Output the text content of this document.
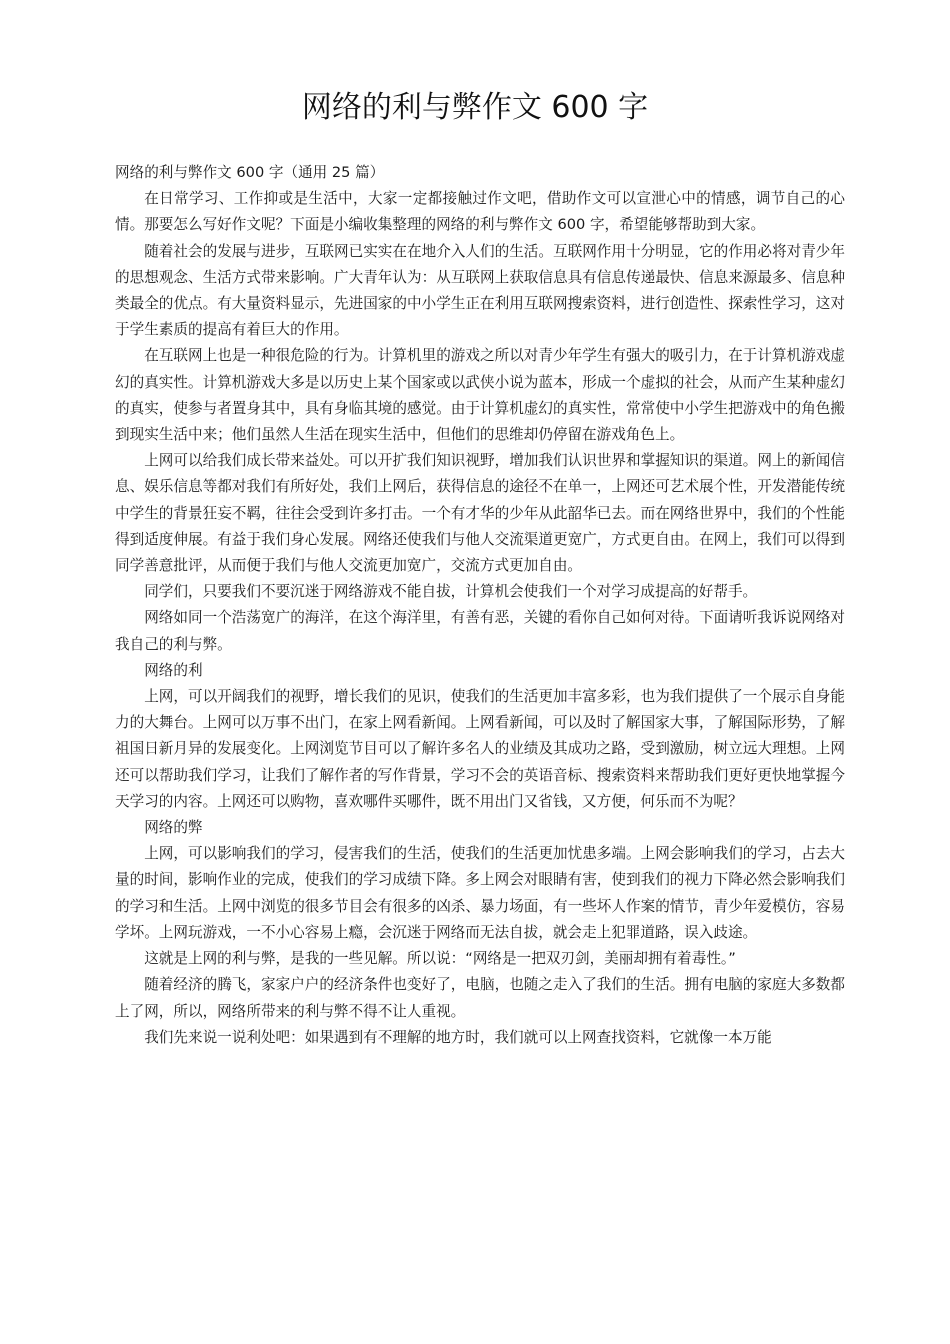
网络的利与弊作文 600 字

网络的利与弊作文 600 字（通用 25 篇）

在日常学习、工作抑或是生活中，大家一定都接触过作文吧，借助作文可以宣泄心中的情感，调节自己的心情。那要怎么写好作文呢？下面是小编收集整理的网络的利与弊作文 600 字，希望能够帮助到大家。

随着社会的发展与进步，互联网已实实在在地介入人们的生活。互联网作用十分明显，它的作用必将对青少年的思想观念、生活方式带来影响。广大青年认为：从互联网上获取信息具有信息传递最快、信息来源最多、信息种类最全的优点。有大量资料显示，先进国家的中小学生正在利用互联网搜索资料，进行创造性、探索性学习，这对于学生素质的提高有着巨大的作用。

在互联网上也是一种很危险的行为。计算机里的游戏之所以对青少年学生有强大的吸引力，在于计算机游戏虚幻的真实性。计算机游戏大多是以历史上某个国家或以武侠小说为蓝本，形成一个虚拟的社会，从而产生某种虚幻的真实，使参与者置身其中，具有身临其境的感觉。由于计算机虚幻的真实性，常常使中小学生把游戏中的角色搬到现实生活中来；他们虽然人生活在现实生活中，但他们的思维却仍停留在游戏角色上。

上网可以给我们成长带来益处。可以开扩我们知识视野，增加我们认识世界和掌握知识的渠道。网上的新闻信息、娱乐信息等都对我们有所好处，我们上网后，获得信息的途径不在单一，上网还可艺术展个性，开发潜能传统中学生的背景狂妄不羁，往往会受到许多打击。一个有才华的少年从此韶华已去。而在网络世界中，我们的个性能得到适度伸展。有益于我们身心发展。网络还使我们与他人交流渠道更宽广，方式更自由。在网上，我们可以得到同学善意批评，从而便于我们与他人交流更加宽广，交流方式更加自由。

同学们，只要我们不要沉迷于网络游戏不能自拔，计算机会使我们一个对学习成提高的好帮手。

网络如同一个浩荡宽广的海洋，在这个海洋里，有善有恶，关键的看你自己如何对待。下面请听我诉说网络对我自己的利与弊。

网络的利

上网，可以开阔我们的视野，增长我们的见识，使我们的生活更加丰富多彩，也为我们提供了一个展示自身能力的大舞台。上网可以万事不出门，在家上网看新闻。上网看新闻，可以及时了解国家大事，了解国际形势，了解祖国日新月异的发展变化。上网浏览节目可以了解许多名人的业绩及其成功之路，受到激励，树立远大理想。上网还可以帮助我们学习，让我们了解作者的写作背景，学习不会的英语音标、搜索资料来帮助我们更好更快地掌握今天学习的内容。上网还可以购物，喜欢哪件买哪件，既不用出门又省钱，又方便，何乐而不为呢？

网络的弊

上网，可以影响我们的学习，侵害我们的生活，使我们的生活更加忧患多端。上网会影响我们的学习，占去大量的时间，影响作业的完成，使我们的学习成绩下降。多上网会对眼睛有害，使到我们的视力下降必然会影响我们的学习和生活。上网中浏览的很多节目会有很多的凶杀、暴力场面，有一些坏人作案的情节，青少年爱模仿，容易学坏。上网玩游戏，一不小心容易上瘾，会沉迷于网络而无法自拔，就会走上犯罪道路，误入歧途。

这就是上网的利与弊，是我的一些见解。所以说：“网络是一把双刃剑，美丽却拥有着毒性。”

随着经济的腾飞，家家户户的经济条件也变好了，电脑，也随之走入了我们的生活。拥有电脑的家庭大多数都上了网，所以，网络所带来的利与弊不得不让人重视。

我们先来说一说利处吧：如果遇到有不理解的地方时，我们就可以上网查找资料，它就像一本万能
